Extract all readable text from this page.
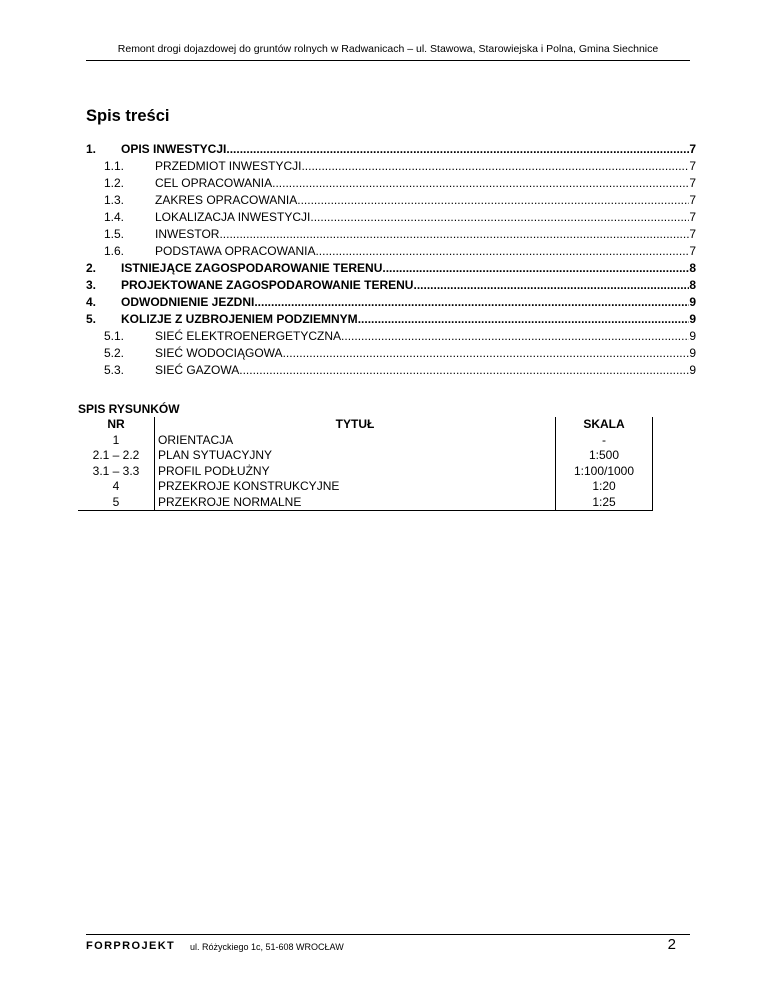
Remont drogi dojazdowej do gruntów rolnych w Radwanicach – ul. Stawowa, Starowiejska i Polna, Gmina Siechnice
Spis treści
1.	OPIS INWESTYCJI .....	7
1.1.	PRZEDMIOT INWESTYCJI .....	7
1.2.	CEL OPRACOWANIA .....	7
1.3.	ZAKRES OPRACOWANIA .....	7
1.4.	LOKALIZACJA INWESTYCJI .....	7
1.5.	INWESTOR .....	7
1.6.	PODSTAWA OPRACOWANIA .....	7
2.	ISTNIEJĄCE ZAGOSPODAROWANIE TERENU .....	8
3.	PROJEKTOWANE ZAGOSPODAROWANIE TERENU .....	8
4.	ODWODNIENIE JEZDNI .....	9
5.	KOLIZJE Z UZBROJENIEM PODZIEMNYM .....	9
5.1.	SIEĆ ELEKTROENERGETYCZNA .....	9
5.2.	SIEĆ WODOCIĄGOWA .....	9
5.3.	SIEĆ GAZOWA .....	9
SPIS RYSUNKÓW
NR	TYTUŁ	SKALA
1	ORIENTACJA	-
2.1 – 2.2	PLAN SYTUACYJNY	1:500
3.1 – 3.3	PROFIL PODŁUŻNY	1:100/1000
4	PRZEKROJE KONSTRUKCYJNE	1:20
5	PRZEKROJE NORMALNE	1:25
FORPROJEKT ul. Różyckiego 1c, 51-608 WROCŁAW	2
